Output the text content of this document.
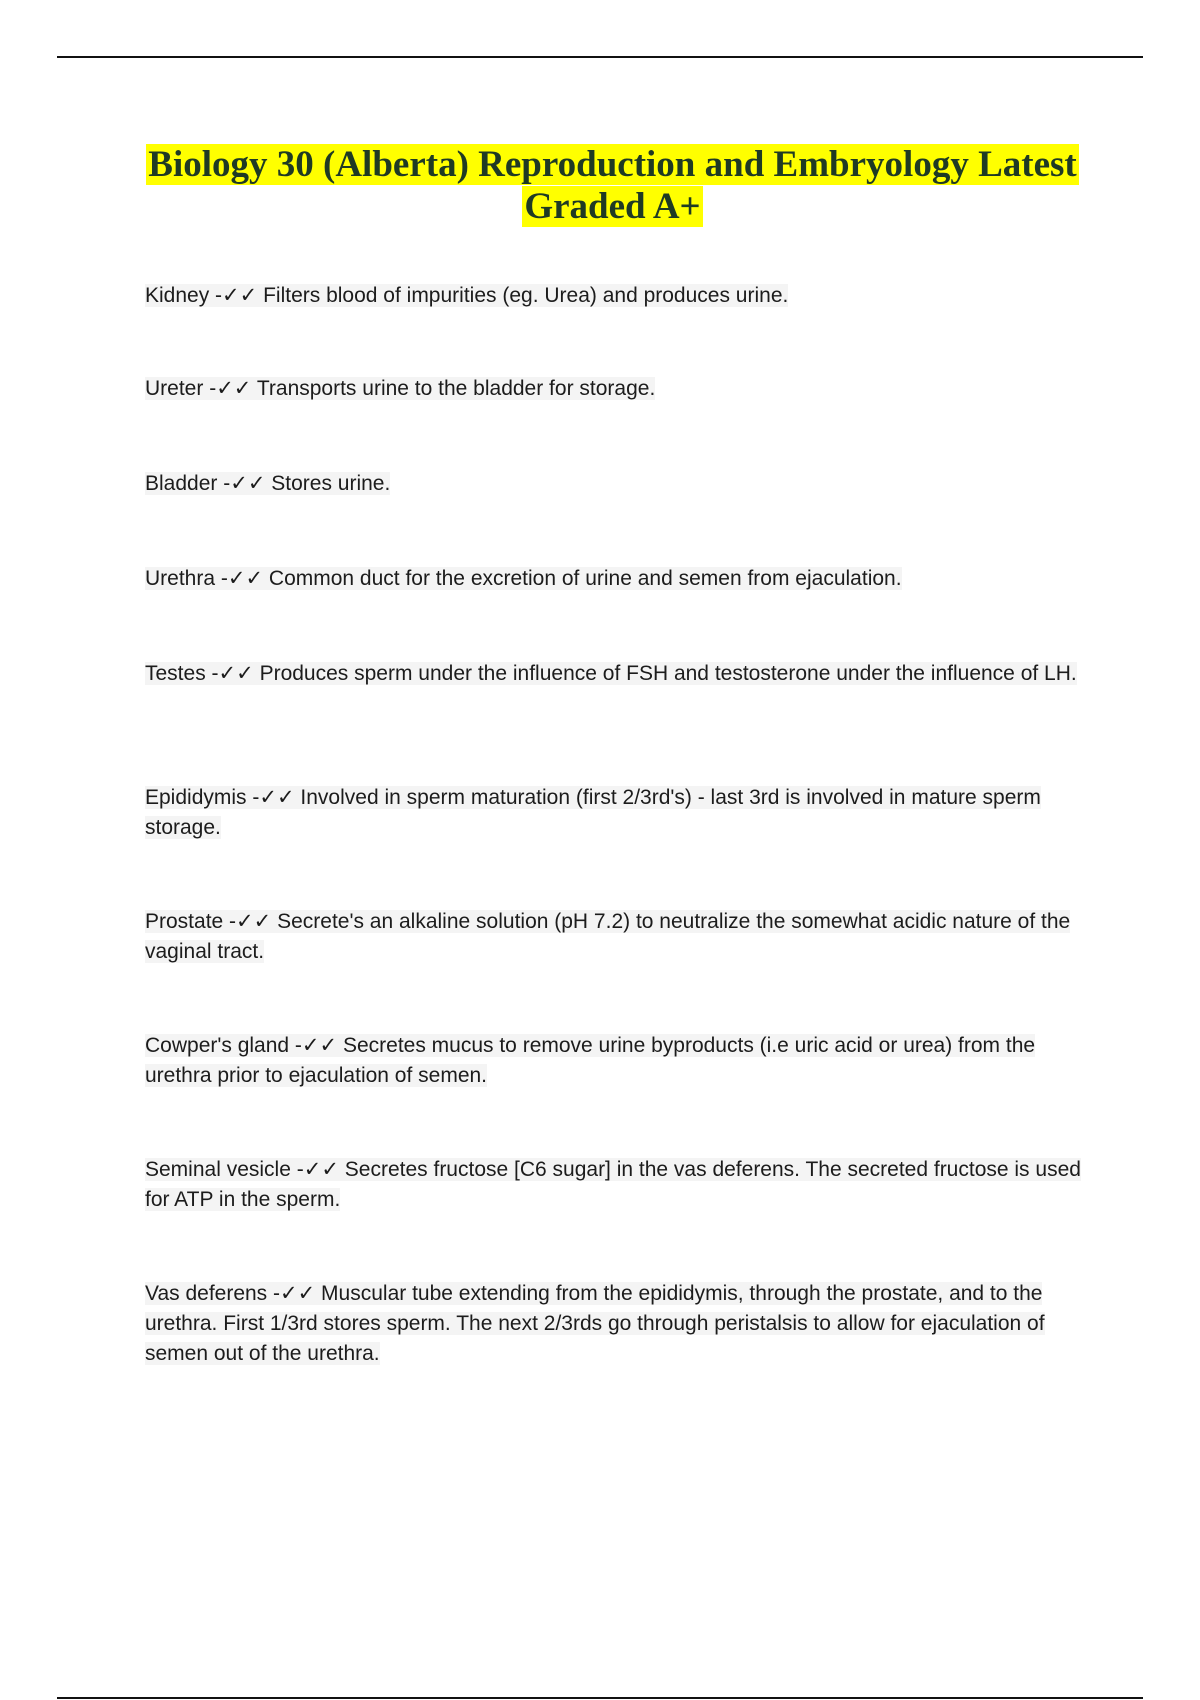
Biology 30 (Alberta) Reproduction and Embryology Latest Graded A+
Kidney -✓✓ Filters blood of impurities (eg. Urea) and produces urine.
Ureter -✓✓ Transports urine to the bladder for storage.
Bladder -✓✓ Stores urine.
Urethra -✓✓ Common duct for the excretion of urine and semen from ejaculation.
Testes -✓✓ Produces sperm under the influence of FSH and testosterone under the influence of LH.
Epididymis -✓✓ Involved in sperm maturation (first 2/3rd's) - last 3rd is involved in mature sperm storage.
Prostate -✓✓ Secrete's an alkaline solution (pH 7.2) to neutralize the somewhat acidic nature of the vaginal tract.
Cowper's gland -✓✓ Secretes mucus to remove urine byproducts (i.e uric acid or urea) from the urethra prior to ejaculation of semen.
Seminal vesicle -✓✓ Secretes fructose [C6 sugar] in the vas deferens. The secreted fructose is used for ATP in the sperm.
Vas deferens -✓✓ Muscular tube extending from the epididymis, through the prostate, and to the urethra. First 1/3rd stores sperm. The next 2/3rds go through peristalsis to allow for ejaculation of semen out of the urethra.
